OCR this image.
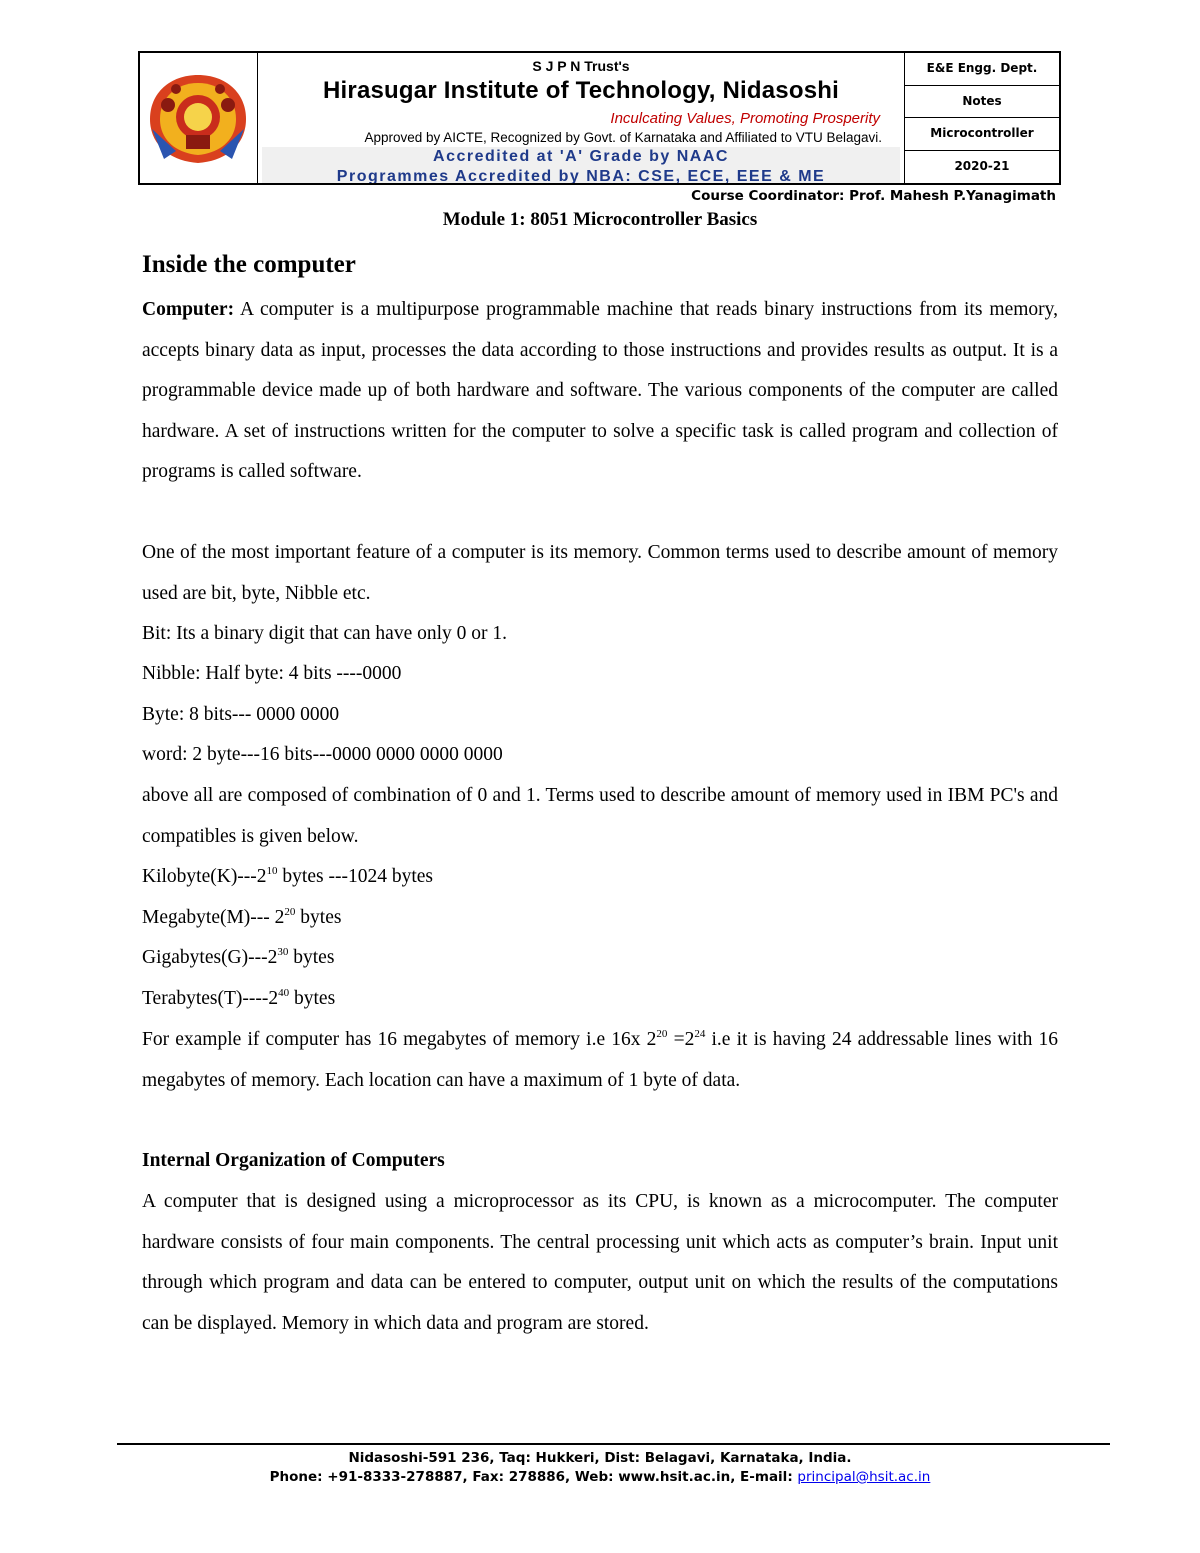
S J P N Trust's
Hirasugar Institute of Technology, Nidasoshi
Inculcating Values, Promoting Prosperity
Approved by AICTE, Recognized by Govt. of Karnataka and Affiliated to VTU Belagavi.
Accredited at 'A' Grade by NAAC
Programmes Accredited by NBA: CSE, ECE, EEE & ME
E&E Engg. Dept.
Notes
Microcontroller
2020-21
Course Coordinator: Prof. Mahesh P.Yanagimath
Module 1: 8051 Microcontroller Basics
Inside the computer
Computer: A computer is a multipurpose programmable machine that reads binary instructions from its memory, accepts binary data as input, processes the data according to those instructions and provides results as output. It is a programmable device made up of both hardware and software. The various components of the computer are called hardware. A set of instructions written for the computer to solve a specific task is called program and collection of programs is called software.
One of the most important feature of a computer is its memory. Common terms used to describe amount of memory used are bit, byte, Nibble etc.
Bit: Its a binary digit that can have only 0 or 1.
Nibble: Half byte: 4 bits ----0000
Byte: 8 bits--- 0000 0000
word: 2 byte---16 bits---0000 0000 0000 0000
above all are composed of combination of 0 and 1. Terms used to describe amount of memory used in IBM PC's and compatibles is given below.
$Kilobyte(K)---2^{10}$ bytes ---1024 bytes
Megabyte(M)--- $2^{20}$ bytes
$Gigabytes(G)---2^{30}$ bytes
$Terabytes(T)----2^{40}$ bytes
For example if computer has 16 megabytes of memory i.e 16x $2^{20} =2^{24}$ i.e it is having 24 addressable lines with 16 megabytes of memory. Each location can have a maximum of 1 byte of data.
Internal Organization of Computers
A computer that is designed using a microprocessor as its CPU, is known as a microcomputer. The computer hardware consists of four main components. The central processing unit which acts as computer’s brain. Input unit through which program and data can be entered to computer, output unit on which the results of the computations can be displayed. Memory in which data and program are stored.
Nidasoshi-591 236, Taq: Hukkeri, Dist: Belagavi, Karnataka, India.
Phone: +91-8333-278887, Fax: 278886, Web: www.hsit.ac.in, E-mail: principal@hsit.ac.in
